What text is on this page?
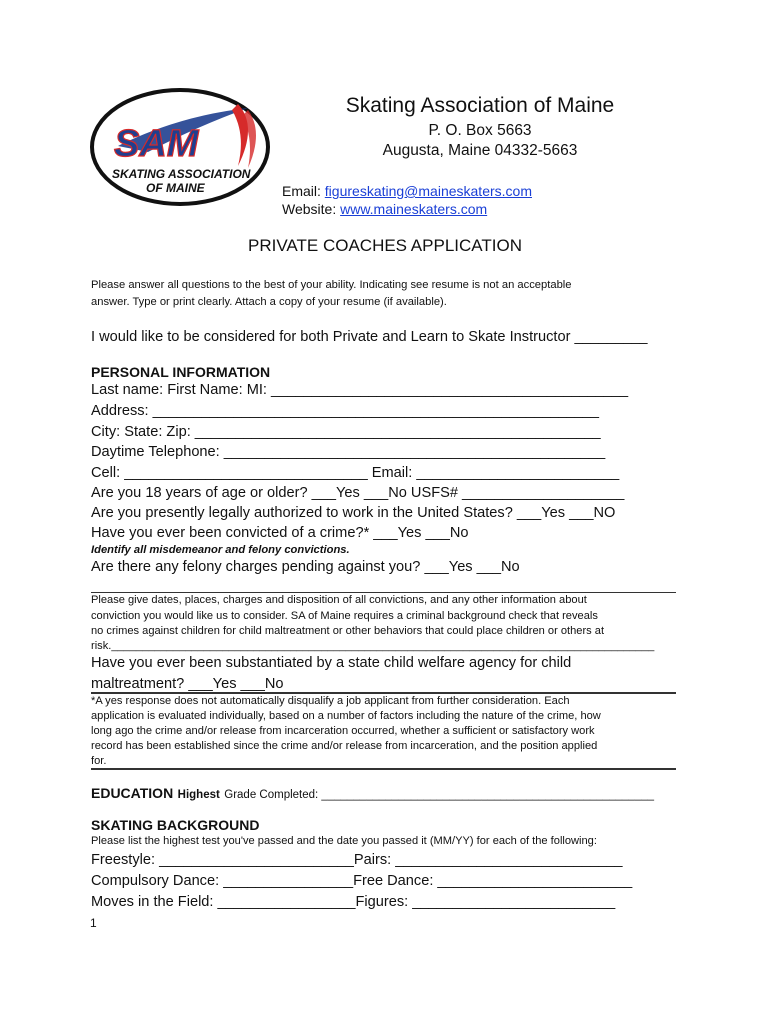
SAM
SKATING ASSOCIATION
OF MAINE
Skating Association of Maine
P. O. Box 5663
Augusta, Maine 04332-5663
Email: figureskating@maineskaters.com
Website: www.maineskaters.com
PRIVATE COACHES APPLICATION
Please answer all questions to the best of your ability. Indicating see resume is not an acceptable
answer. Type or print clearly. Attach a copy of your resume (if available).
I would like to be considered for both Private and Learn to Skate Instructor _________
PERSONAL INFORMATION
Last name: First Name: MI: ____________________________________________
Address: _______________________________________________________
City: State: Zip: __________________________________________________
Daytime Telephone: _______________________________________________
Cell: ______________________________ Email: _________________________
Are you 18 years of age or older? ___Yes ___No USFS# ____________________
Are you presently legally authorized to work in the United States? ___Yes ___NO
Have you ever been convicted of a crime?* ___Yes ___No
Identify all misdemeanor and felony convictions.
Are there any felony charges pending against you? ___Yes ___No
Please give dates, places, charges and disposition of all convictions, and any other information about
conviction you would like us to consider. SA of Maine requires a criminal background check that reveals
no crimes against children for child maltreatment or other behaviors that could place children or others at
risk.________________________________________________________________________________________
Have you ever been substantiated by a state child welfare agency for child
maltreatment? ___Yes ___No
*A yes response does not automatically disqualify a job applicant from further consideration. Each
application is evaluated individually, based on a number of factors including the nature of the crime, how
long ago the crime and/or release from incarceration occurred, whether a sufficient or satisfactory work
record has been established since the crime and/or release from incarceration, and the position applied
for.
EDUCATION Highest Grade Completed: ____________________________________________________
SKATING BACKGROUND
Please list the highest test you've passed and the date you passed it (MM/YY) for each of the following:
Freestyle: ________________________Pairs: ____________________________
Compulsory Dance: ________________Free Dance: ________________________
Moves in the Field: _________________Figures: _________________________
1
